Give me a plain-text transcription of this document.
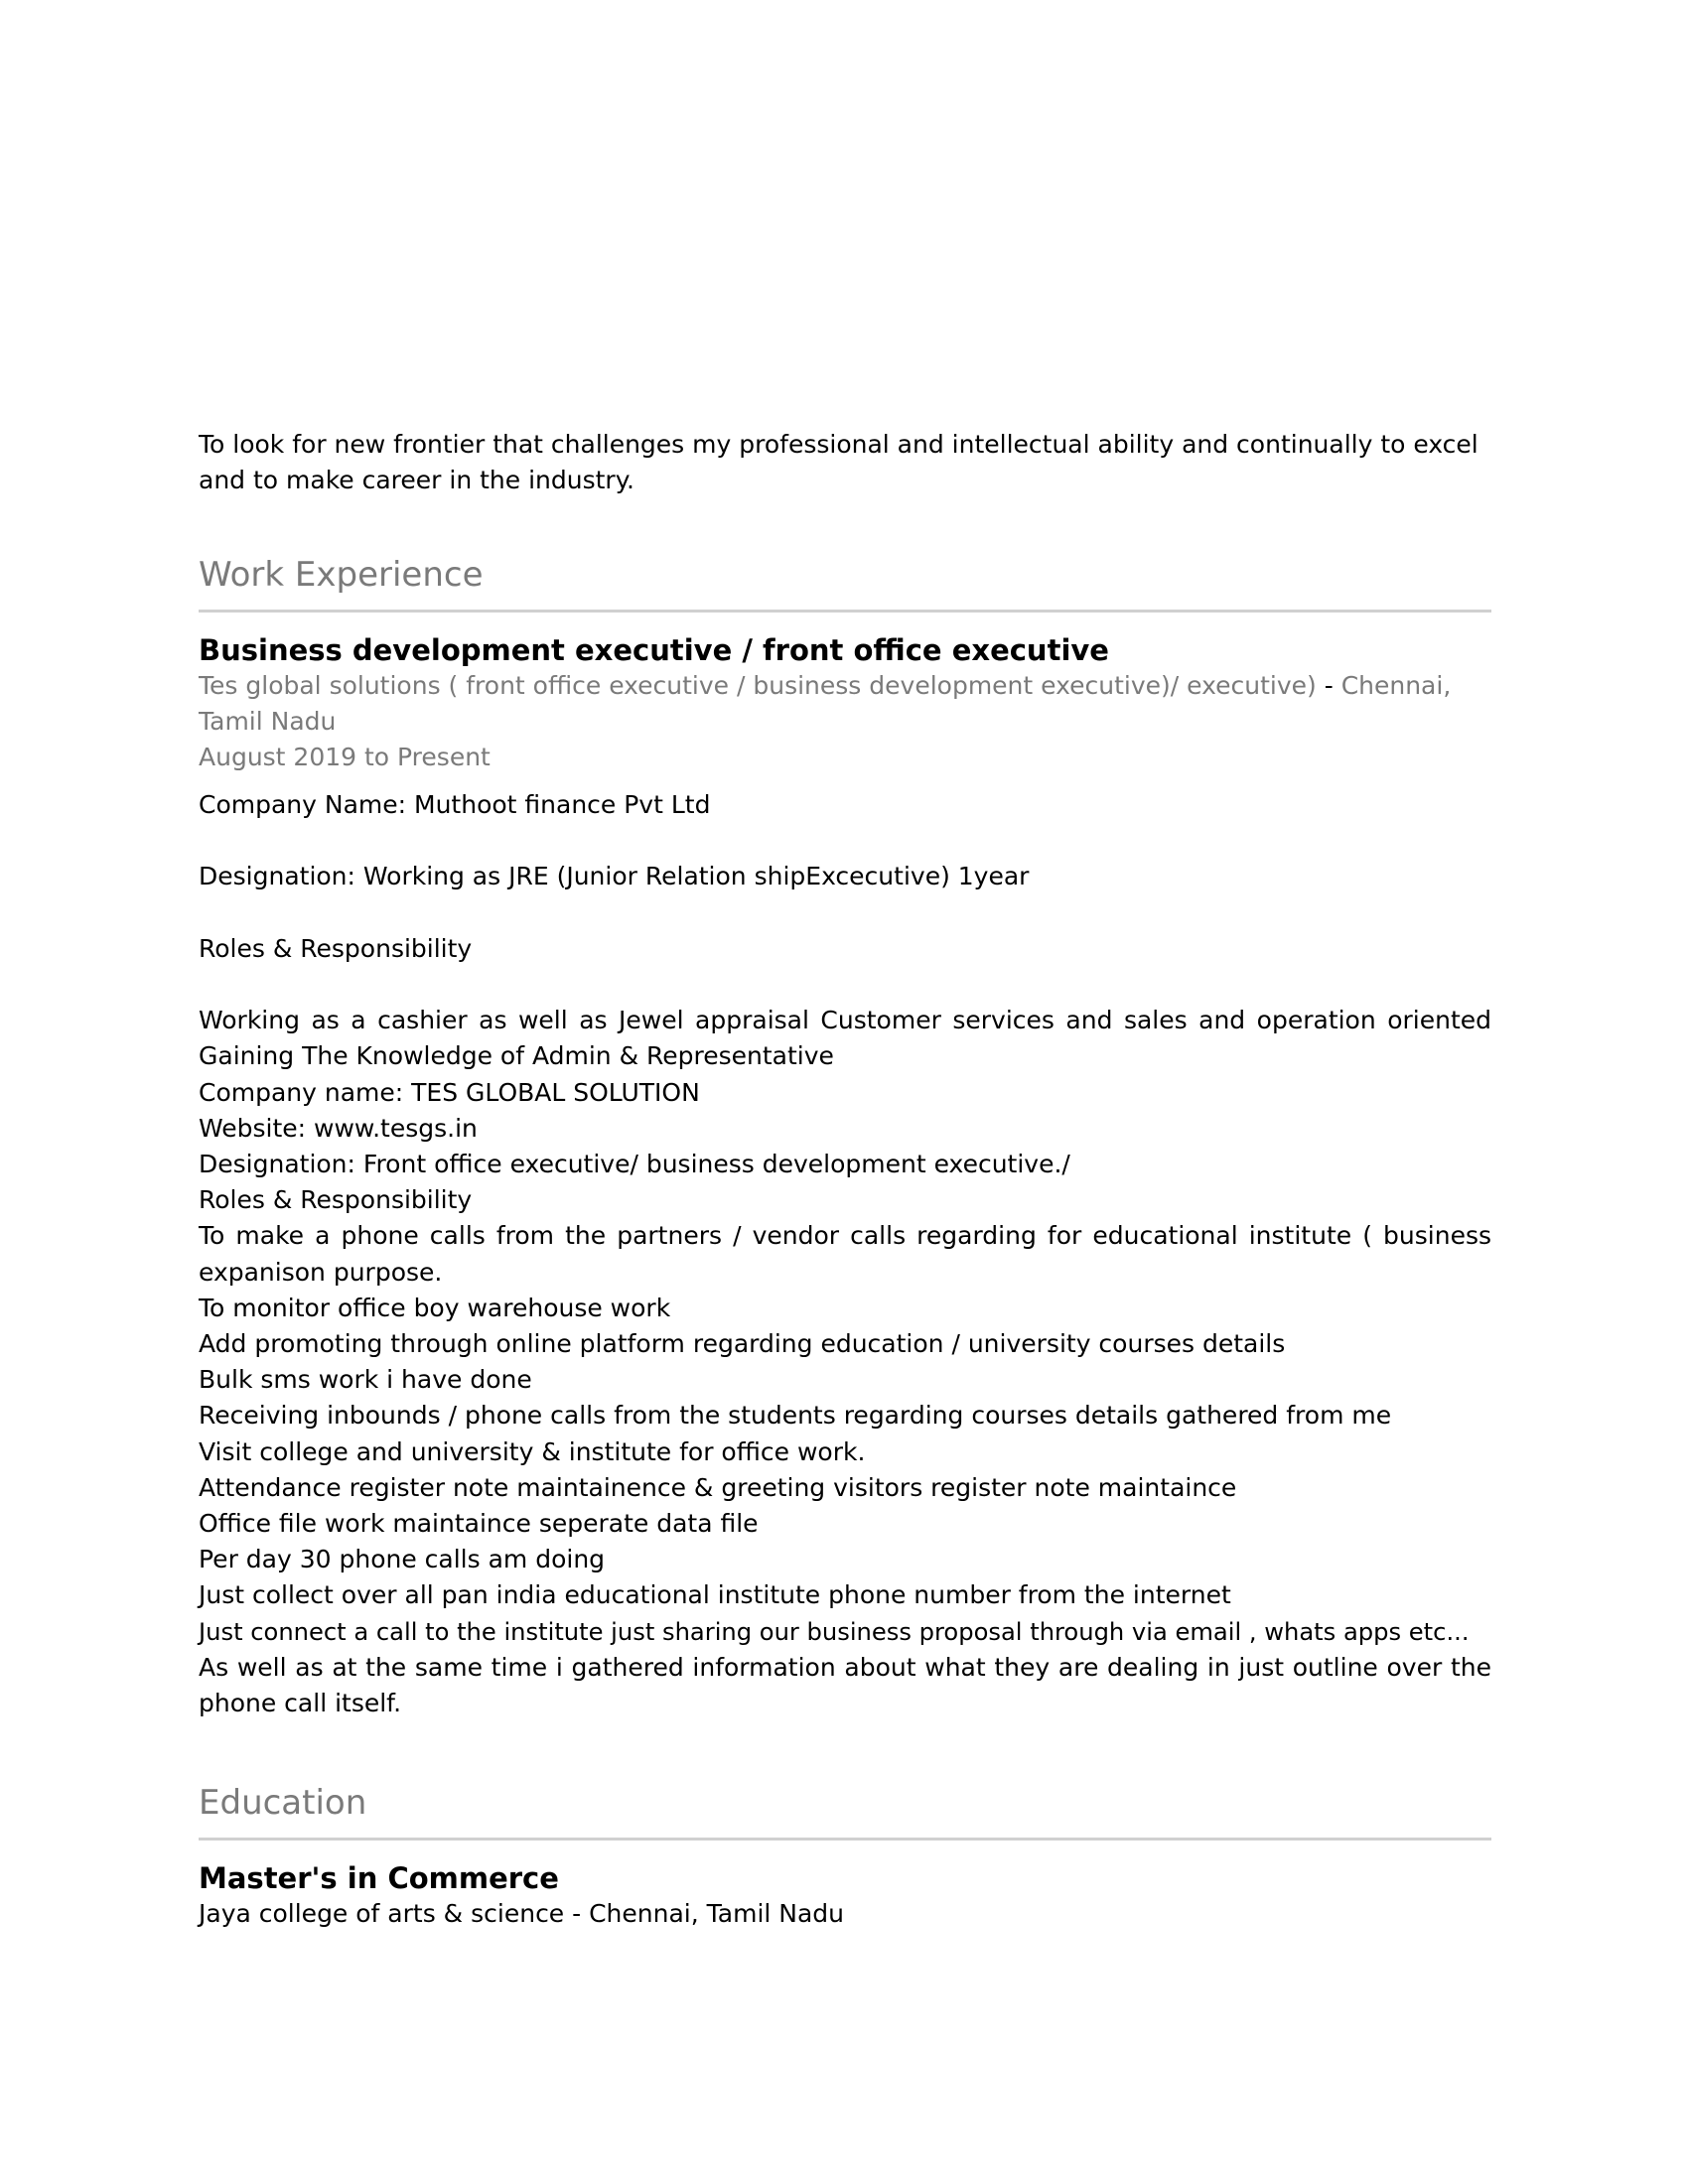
To look for new frontier that challenges my professional and intellectual ability and continually to excel
and to make career in the industry.

Work Experience
Business development executive / front office executive

Tes global solutions ( front office executive / business development executive)/ executive) - Chennai,
Tamil Nadu

August 2019 to Present

Company Name: Muthoot finance Pvt Ltd
Designation: Working as JRE (Junior Relation shipExcecutive) 1year
Roles & Responsibility
Working as a cashier as well as Jewel appraisal Customer services and sales and operation oriented
Gaining The Knowledge of Admin & Representative
Company name: TES GLOBAL SOLUTION
Website: www.tesgs.in
Designation: Front office executive/ business development executive./
Roles & Responsibility
To make a phone calls from the partners / vendor calls regarding for educational institute ( business
expanison purpose.
To monitor office boy warehouse work
Add promoting through online platform regarding education / university courses details
Bulk sms work i have done
Receiving inbounds / phone calls from the students regarding courses details gathered from me
Visit college and university & institute for office work.
Attendance register note maintainence & greeting visitors register note maintaince
Office file work maintaince seperate data file
Per day 30 phone calls am doing
Just collect over all pan india educational institute phone number from the internet
Just connect a call to the institute just sharing our business proposal through via email , whats apps etc...
As well as at the same time i gathered information about what they are dealing in just outline over the
phone call itself.
Education
Master's in Commerce

Jaya college of arts & science - Chennai, Tamil Nadu
